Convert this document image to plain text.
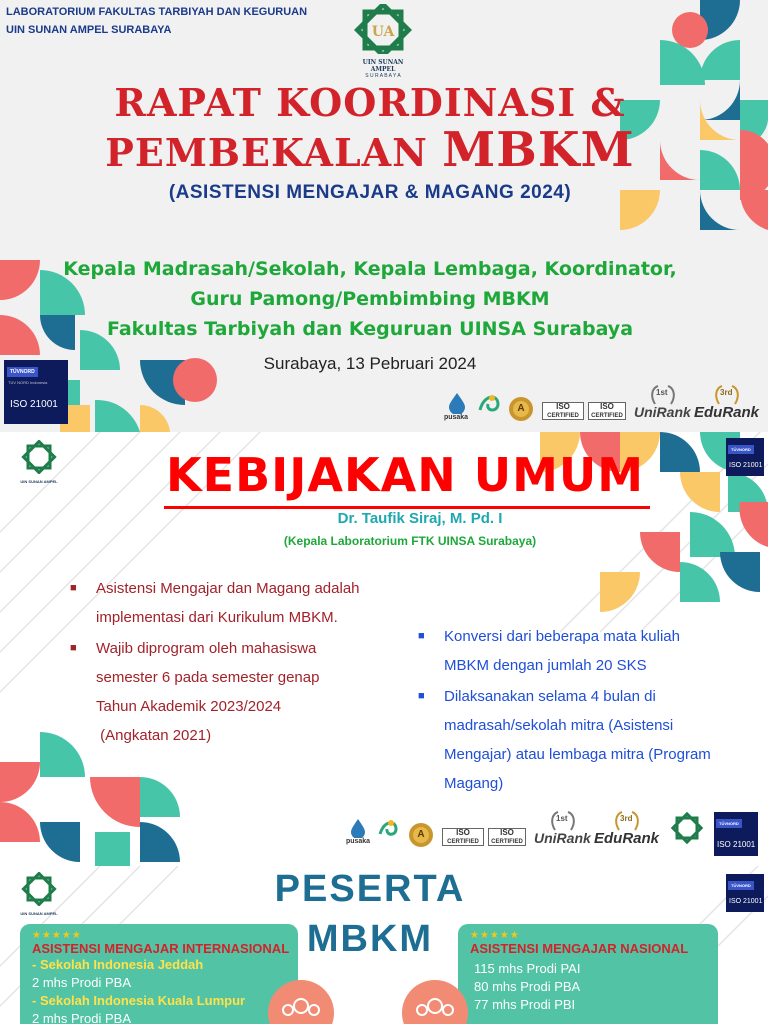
LABORATORIUM FAKULTAS TARBIYAH DAN KEGURUAN
UIN SUNAN AMPEL SURABAYA	UA
UIN SUNAN AMPEL
S U R A B A Y A
RAPAT KOORDINASI &
PEMBEKALAN MBKM
(ASISTENSI MENGAJAR & MAGANG 2024)
Kepala Madrasah/Sekolah, Kepala Lembaga, Koordinator,
Guru Pamong/Pembimbing MBKM
Fakultas Tarbiyah dan Keguruan UINSA Surabaya
Surabaya, 13 Pebruari 2024
TÜVNORD
TÜV NORD Indonesia
ISO 21001
pusaka
A	ISO
CERTIFIED
ISO
CERTIFIED
1st
UniRank
3rd
EduRank
UIN SUNAN AMPEL	KEBIJAKAN UMUM
Dr. Taufik Siraj, M. Pd. I
(Kepala Laboratorium FTK UINSA Surabaya)
■ Asistensi Mengajar dan Magang adalah
implementasi dari Kurikulum MBKM.
■ Wajib diprogram oleh mahasiswa
semester 6 pada semester genap
Tahun Akademik 2023/2024
(Angkatan 2021)
■ Konversi dari beberapa mata kuliah
MBKM dengan jumlah 20 SKS
■ Dilaksanakan selama 4 bulan di
madrasah/sekolah mitra (Asistensi
Mengajar) atau lembaga mitra (Program
Magang)
TÜVNORD
ISO 21001
pusaka
A	ISO
CERTIFIED
ISO
CERTIFIED
1st
UniRank
3rd
EduRank
TÜVNORD
ISO 21001
UIN SUNAN AMPEL
TÜVNORD
ISO 21001
PESERTA
MBKM
★★★★★
ASISTENSI MENGAJAR INTERNASIONAL
- Sekolah Indonesia Jeddah
2 mhs Prodi PBA
- Sekolah Indonesia Kuala Lumpur
2 mhs Prodi PBA
★★★★★
ASISTENSI MENGAJAR NASIONAL
115 mhs Prodi PAI
80 mhs Prodi PBA
77 mhs Prodi PBI
